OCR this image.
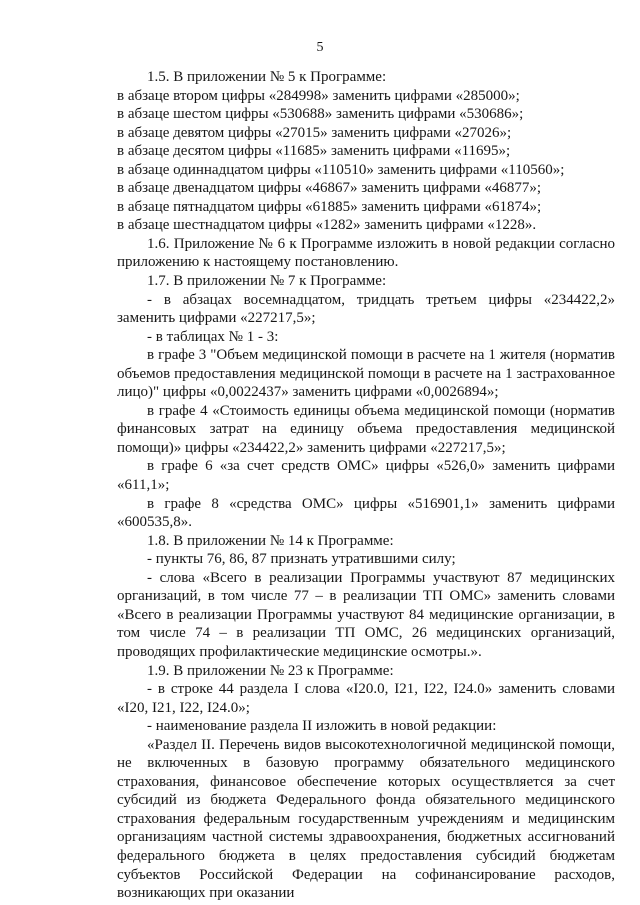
5

1.5. В приложении № 5 к Программе:

в абзаце втором цифры «284998» заменить цифрами «285000»;

в абзаце шестом цифры «530688» заменить цифрами «530686»;

в абзаце девятом цифры «27015» заменить цифрами «27026»;

в абзаце десятом цифры «11685» заменить цифрами «11695»;

в абзаце одиннадцатом цифры «110510» заменить цифрами «110560»;

в абзаце двенадцатом цифры «46867» заменить цифрами «46877»;

в абзаце пятнадцатом цифры «61885» заменить цифрами «61874»;

в абзаце шестнадцатом цифры «1282» заменить цифрами «1228».

1.6. Приложение № 6 к Программе изложить в новой редакции согласно приложению к настоящему постановлению.

1.7. В приложении № 7 к Программе:

- в абзацах восемнадцатом, тридцать третьем цифры «234422,2» заменить цифрами «227217,5»;

- в таблицах № 1 - 3:

в графе 3 "Объем медицинской помощи в расчете на 1 жителя (норматив объемов предоставления медицинской помощи в расчете на 1 застрахованное лицо)" цифры «0,0022437» заменить цифрами «0,0026894»;

в графе 4 «Стоимость единицы объема медицинской помощи (норматив финансовых затрат на единицу объема предоставления медицинской помощи)» цифры «234422,2» заменить цифрами «227217,5»;

в графе 6 «за счет средств ОМС» цифры «526,0» заменить цифрами «611,1»;

в графе 8 «средства ОМС» цифры «516901,1» заменить цифрами «600535,8».

1.8. В приложении № 14 к Программе:

- пункты 76, 86, 87 признать утратившими силу;

- слова «Всего в реализации Программы участвуют 87 медицинских организаций, в том числе 77 – в реализации ТП ОМС» заменить словами «Всего в реализации Программы участвуют 84 медицинские организации, в том числе 74 – в реализации ТП ОМС, 26 медицинских организаций, проводящих профилактические медицинские осмотры.».

1.9. В приложении № 23 к Программе:

- в строке 44 раздела I слова «I20.0, I21, I22, I24.0» заменить словами «I20, I21, I22, I24.0»;

- наименование раздела II изложить в новой редакции:

«Раздел II. Перечень видов высокотехнологичной медицинской помощи, не включенных в базовую программу обязательного медицинского страхования, финансовое обеспечение которых осуществляется за счет субсидий из бюджета Федерального фонда обязательного медицинского страхования федеральным государственным учреждениям и медицинским организациям частной системы здравоохранения, бюджетных ассигнований федерального бюджета в целях предоставления субсидий бюджетам субъектов Российской Федерации на софинансирование расходов, возникающих при оказании
